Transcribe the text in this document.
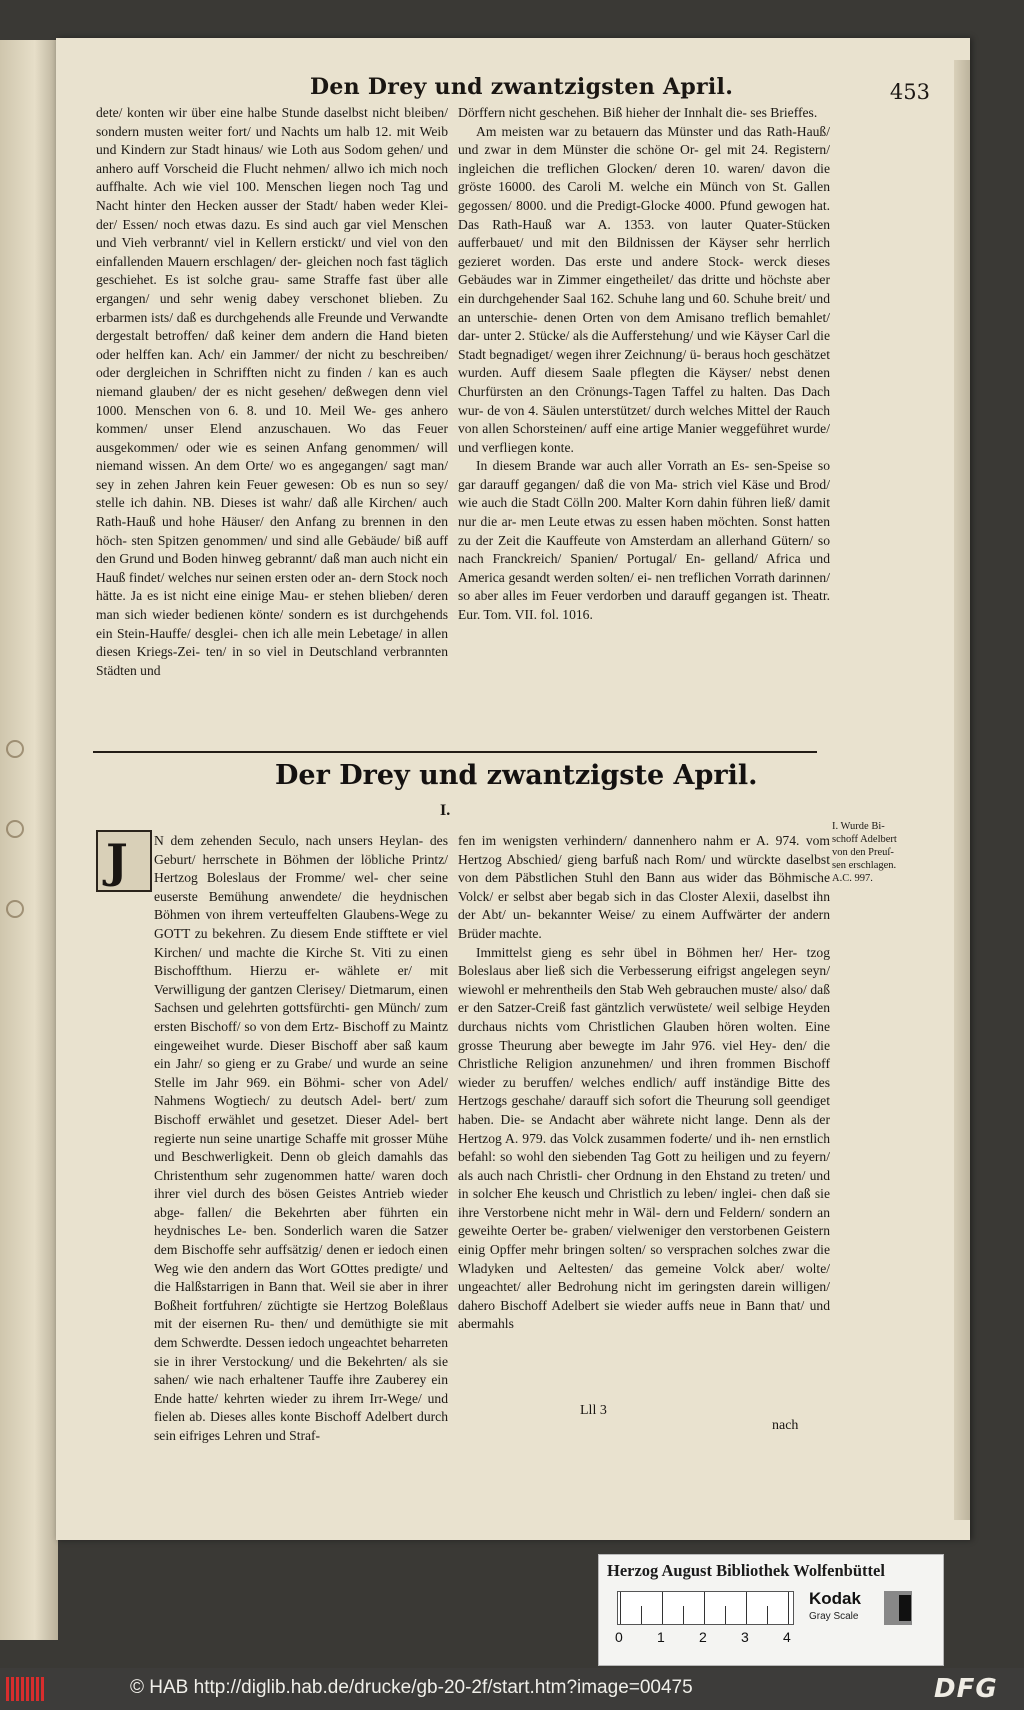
Den Drey und zwantzigsten April.	453

dete/ konten wir über eine halbe Stunde daselbst nicht bleiben/ sondern musten weiter fort/ und Nachts um halb 12. mit Weib und Kindern zur Stadt hinaus/ wie Loth aus Sodom gehen/ und anhero auff Vorscheid die Flucht nehmen/ allwo ich mich noch auffhalte. Ach wie viel 100. Menschen liegen noch Tag und Nacht hinter den Hecken ausser der Stadt/ haben weder Klei- der/ Essen/ noch etwas dazu. Es sind auch gar viel Menschen und Vieh verbrannt/ viel in Kellern erstickt/ und viel von den einfallenden Mauern erschlagen/ der- gleichen noch fast täglich geschiehet. Es ist solche grau- same Straffe fast über alle ergangen/ und sehr wenig dabey verschonet blieben. Zu erbarmen ists/ daß es durchgehends alle Freunde und Verwandte dergestalt betroffen/ daß keiner dem andern die Hand bieten oder helffen kan. Ach/ ein Jammer/ der nicht zu beschreiben/ oder dergleichen in Schrifften nicht zu finden / kan es auch niemand glauben/ der es nicht gesehen/ deßwegen denn viel 1000. Menschen von 6. 8. und 10. Meil We- ges anhero kommen/ unser Elend anzuschauen. Wo das Feuer ausgekommen/ oder wie es seinen Anfang genommen/ will niemand wissen. An dem Orte/ wo es angegangen/ sagt man/ sey in zehen Jahren kein Feuer gewesen: Ob es nun so sey/ stelle ich dahin. NB. Dieses ist wahr/ daß alle Kirchen/ auch Rath-Hauß und hohe Häuser/ den Anfang zu brennen in den höch- sten Spitzen genommen/ und sind alle Gebäude/ biß auff den Grund und Boden hinweg gebrannt/ daß man auch nicht ein Hauß findet/ welches nur seinen ersten oder an- dern Stock noch hätte. Ja es ist nicht eine einige Mau- er stehen blieben/ deren man sich wieder bedienen könte/ sondern es ist durchgehends ein Stein-Hauffe/ desglei- chen ich alle mein Lebetage/ in allen diesen Kriegs-Zei- ten/ in so viel in Deutschland verbrannten Städten und

Dörffern nicht geschehen. Biß hieher der Innhalt die- ses Brieffes.

Am meisten war zu betauern das Münster und das Rath-Hauß/ und zwar in dem Münster die schöne Or- gel mit 24. Registern/ ingleichen die treflichen Glocken/ deren 10. waren/ davon die gröste 16000. des Caroli M. welche ein Münch von St. Gallen gegossen/ 8000. und die Predigt-Glocke 4000. Pfund gewogen hat. Das Rath-Hauß war A. 1353. von lauter Quater-Stücken aufferbauet/ und mit den Bildnissen der Käyser sehr herrlich gezieret worden. Das erste und andere Stock- werck dieses Gebäudes war in Zimmer eingetheilet/ das dritte und höchste aber ein durchgehender Saal 162. Schuhe lang und 60. Schuhe breit/ und an unterschie- denen Orten von dem Amisano treflich bemahlet/ dar- unter 2. Stücke/ als die Aufferstehung/ und wie Käyser Carl die Stadt begnadiget/ wegen ihrer Zeichnung/ ü- beraus hoch geschätzet wurden. Auff diesem Saale pflegten die Käyser/ nebst denen Churfürsten an den Crönungs-Tagen Taffel zu halten. Das Dach wur- de von 4. Säulen unterstützet/ durch welches Mittel der Rauch von allen Schorsteinen/ auff eine artige Manier weggeführet wurde/ und verfliegen konte.

In diesem Brande war auch aller Vorrath an Es- sen-Speise so gar darauff gegangen/ daß die von Ma- strich viel Käse und Brod/ wie auch die Stadt Cölln 200. Malter Korn dahin führen ließ/ damit nur die ar- men Leute etwas zu essen haben möchten. Sonst hatten zu der Zeit die Kauffeute von Amsterdam an allerhand Gütern/ so nach Franckreich/ Spanien/ Portugal/ En- gelland/ Africa und America gesandt werden solten/ ei- nen treflichen Vorrath darinnen/ so aber alles im Feuer verdorben und darauff gegangen ist. Theatr. Eur. Tom. VII. fol. 1016.

Der Drey und zwantzigste April.
I.
J	N dem zehenden Seculo, nach unsers Heylan- des Geburt/ herrschete in Böhmen der löbliche Printz/ Hertzog Boleslaus der Fromme/ wel- cher seine euserste Bemühung anwendete/ die heydnischen Böhmen von ihrem verteuffelten Glaubens-Wege zu GOTT zu bekehren. Zu diesem Ende stifftete er viel Kirchen/ und machte die Kirche St. Viti zu einen Bischoffthum. Hierzu er- wählete er/ mit Verwilligung der gantzen Clerisey/ Dietmarum, einen Sachsen und gelehrten gottsfürchti- gen Münch/ zum ersten Bischoff/ so von dem Ertz- Bischoff zu Maintz eingeweihet wurde. Dieser Bischoff aber saß kaum ein Jahr/ so gieng er zu Grabe/ und wurde an seine Stelle im Jahr 969. ein Böhmi- scher von Adel/ Nahmens Wogtiech/ zu deutsch Adel- bert/ zum Bischoff erwählet und gesetzet. Dieser Adel- bert regierte nun seine unartige Schaffe mit grosser Mühe und Beschwerligkeit. Denn ob gleich damahls das Christenthum sehr zugenommen hatte/ waren doch ihrer viel durch des bösen Geistes Antrieb wieder abge- fallen/ die Bekehrten aber führten ein heydnisches Le- ben. Sonderlich waren die Satzer dem Bischoffe sehr auffsätzig/ denen er iedoch einen Weg wie den andern das Wort GOttes predigte/ und die Halßstarrigen in Bann that. Weil sie aber in ihrer Boßheit fortfuhren/ züchtigte sie Hertzog Boleßlaus mit der eisernen Ru- then/ und demüthigte sie mit dem Schwerdte. Dessen iedoch ungeachtet beharreten sie in ihrer Verstockung/ und die Bekehrten/ als sie sahen/ wie nach erhaltener Tauffe ihre Zauberey ein Ende hatte/ kehrten wieder zu ihrem Irr-Wege/ und fielen ab. Dieses alles konte Bischoff Adelbert durch sein eifriges Lehren und Straf-

fen im wenigsten verhindern/ dannenhero nahm er A. 974. vom Hertzog Abschied/ gieng barfuß nach Rom/ und würckte daselbst von dem Päbstlichen Stuhl den Bann aus wider das Böhmische Volck/ er selbst aber begab sich in das Closter Alexii, daselbst ihn der Abt/ un- bekannter Weise/ zu einem Auffwärter der andern Brüder machte.

Immittelst gieng es sehr übel in Böhmen her/ Her- tzog Boleslaus aber ließ sich die Verbesserung eifrigst angelegen seyn/ wiewohl er mehrentheils den Stab Weh gebrauchen muste/ also/ daß er den Satzer-Creiß fast gäntzlich verwüstete/ weil selbige Heyden durchaus nichts vom Christlichen Glauben hören wolten. Eine grosse Theurung aber bewegte im Jahr 976. viel Hey- den/ die Christliche Religion anzunehmen/ und ihren frommen Bischoff wieder zu beruffen/ welches endlich/ auff inständige Bitte des Hertzogs geschahe/ darauff sich sofort die Theurung soll geendiget haben. Die- se Andacht aber währete nicht lange. Denn als der Hertzog A. 979. das Volck zusammen foderte/ und ih- nen ernstlich befahl: so wohl den siebenden Tag Gott zu heiligen und zu feyern/ als auch nach Christli- cher Ordnung in den Ehstand zu treten/ und in solcher Ehe keusch und Christlich zu leben/ inglei- chen daß sie ihre Verstorbene nicht mehr in Wäl- dern und Feldern/ sondern an geweihte Oerter be- graben/ vielweniger den verstorbenen Geistern einig Opffer mehr bringen solten/ so versprachen solches zwar die Wladyken und Aeltesten/ das gemeine Volck aber/ wolte/ ungeachtet/ aller Bedrohung nicht im geringsten darein willigen/ dahero Bischoff Adelbert sie wieder auffs neue in Bann that/ und abermahls

I. Wurde Bi- schoff Adelbert von den Preuſ- sen erschlagen. A.C. 997.
Lll 3
nach
Herzog August Bibliothek Wolfenbüttel
0 1 2 3 4
Kodak
Gray Scale
© HAB http://diglib.hab.de/drucke/gb-20-2f/start.htm?image=00475	DFG
